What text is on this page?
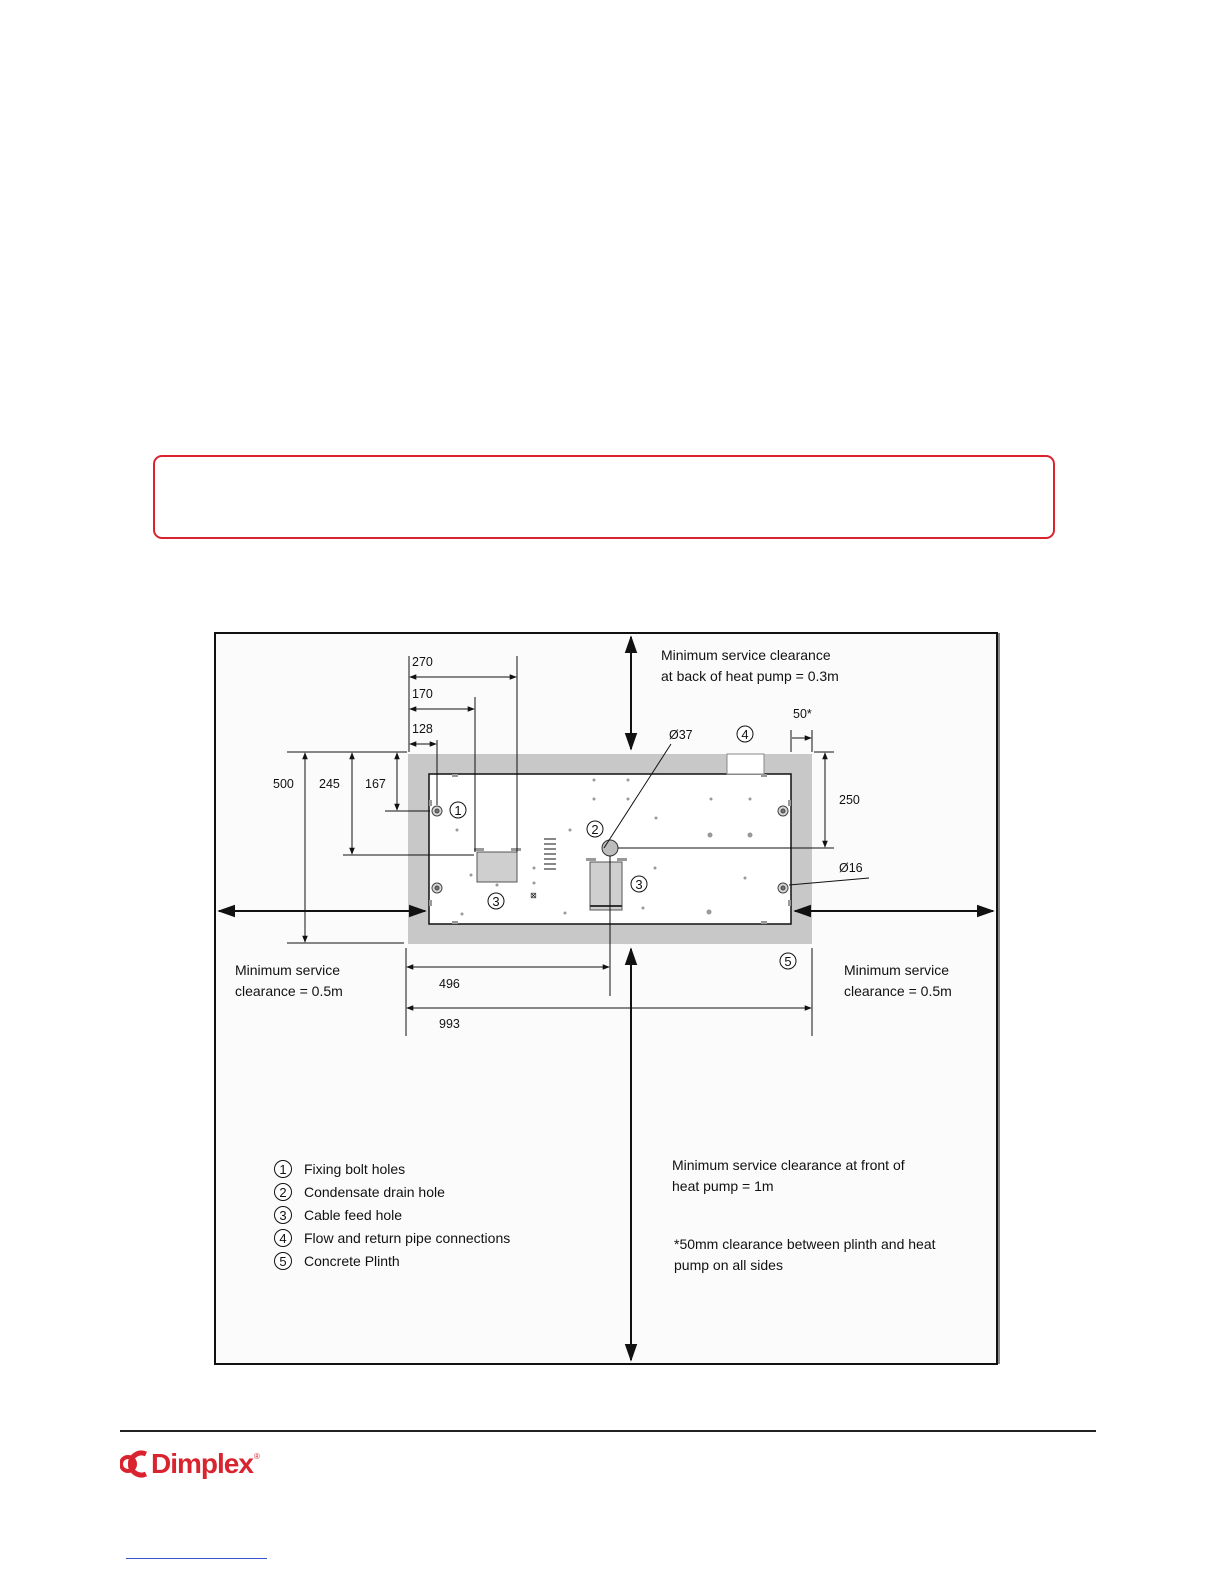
⊠
270
170
128
500 245 167
250
50*
496
993
Ø37
Ø16
1
2
3
3
4
5
Minimum service clearance
at back of heat pump = 0.3m
Minimum service
clearance = 0.5m
Minimum service
clearance = 0.5m
Minimum service clearance at front of
heat pump = 1m
*50mm clearance between plinth and heat
pump on all sides
1 Fixing bolt holes
2 Condensate drain hole
3 Cable feed hole
4 Flow and return pipe connections
5 Concrete Plinth
Dimplex ®
